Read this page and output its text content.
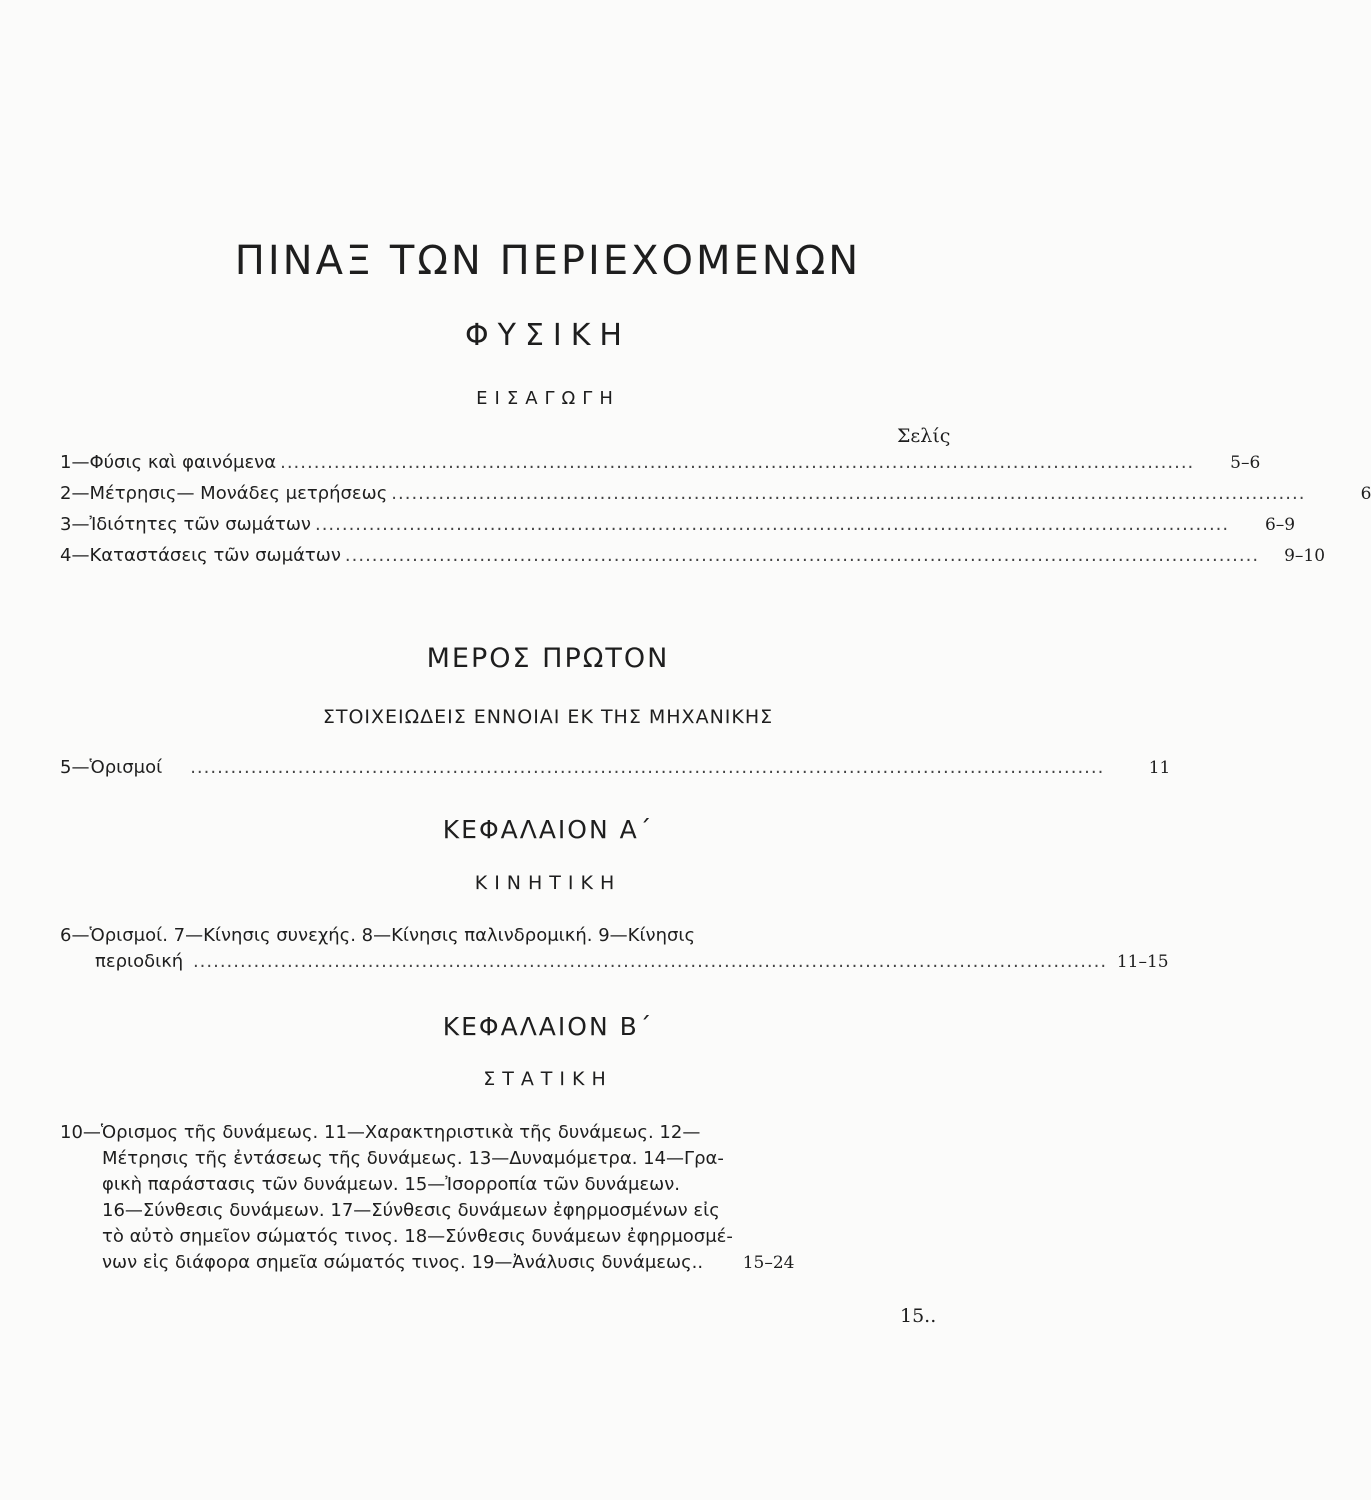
ΠΙΝΑΞ ΤΩΝ ΠΕΡΙΕΧΟΜΕΝΩΝ
ΦΥΣΙΚΗ
ΕΙΣΑΓΩΓΗ
Σελίς
1—Φύσις καὶ φαινόμενα ........................................................................................................................................	5–6
2—Μέτρησις— Μονάδες μετρήσεως ........................................................................................................................................	6
3—Ἰδιότητες τῶν σωμάτων ........................................................................................................................................	6–9
4—Καταστάσεις τῶν σωμάτων ........................................................................................................................................	9–10
ΜΕΡΟΣ ΠΡΩΤΟΝ
ΣΤΟΙΧΕΙΩΔΕΙΣ ΕΝΝΟΙΑΙ ΕΚ ΤΗΣ ΜΗΧΑΝΙΚΗΣ
5—Ὁρισμοί ........................................................................................................................................	11
ΚΕΦΑΛΑΙΟΝ Α΄
ΚΙΝΗΤΙΚΗ
6—Ὁρισμοί. 7—Κίνησις συνεχής. 8—Κίνησις παλινδρομική. 9—Κίνησις
περιοδική ........................................................................................................................................ 11–15
ΚΕΦΑΛΑΙΟΝ Β΄
ΣΤΑΤΙΚΗ
10—Ὁρισμος τῆς δυνάμεως. 11—Χαρακτηριστικὰ τῆς δυνάμεως. 12—
Μέτρησις τῆς ἐντάσεως τῆς δυνάμεως. 13—Δυναμόμετρα. 14—Γρα-
φικὴ παράστασις τῶν δυνάμεων. 15—Ἰσορροπία τῶν δυνάμεων.
16—Σύνθεσις δυνάμεων. 17—Σύνθεσις δυνάμεων ἐφηρμοσμένων εἰς
τὸ αὐτὸ σημεῖον σώματός τινος. 18—Σύνθεσις δυνάμεων ἐφηρμοσμέ-
νων εἰς διάφορα σημεῖα σώματός τινος. 19—Ἀνάλυσις δυνάμεως.. 15–24
15..
